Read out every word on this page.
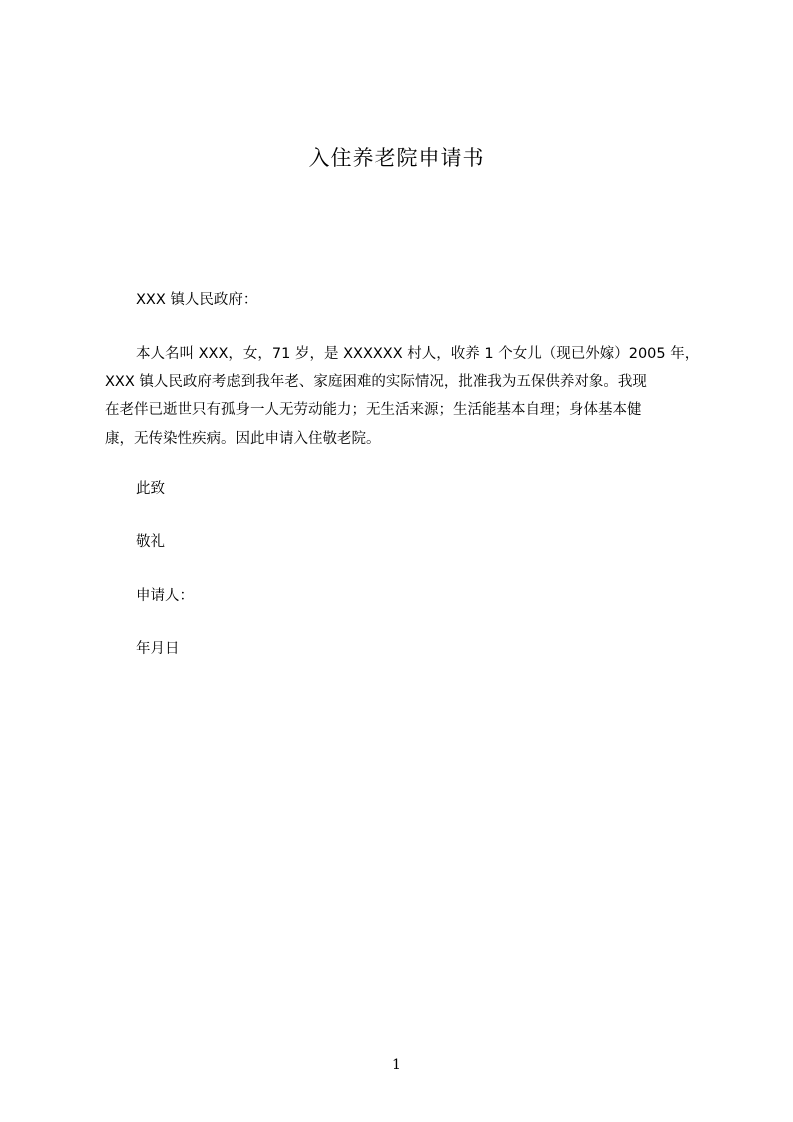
入住养老院申请书
XXX 镇人民政府：
本人名叫 XXX，女，71 岁，是 XXXXXX 村人，收养 1 个女儿（现已外嫁）2005 年，
XXX 镇人民政府考虑到我年老、家庭困难的实际情况，批准我为五保供养对象。我现
在老伴已逝世只有孤身一人无劳动能力；无生活来源；生活能基本自理；身体基本健
康，无传染性疾病。因此申请入住敬老院。
此致
敬礼
申请人：
年月日
1
